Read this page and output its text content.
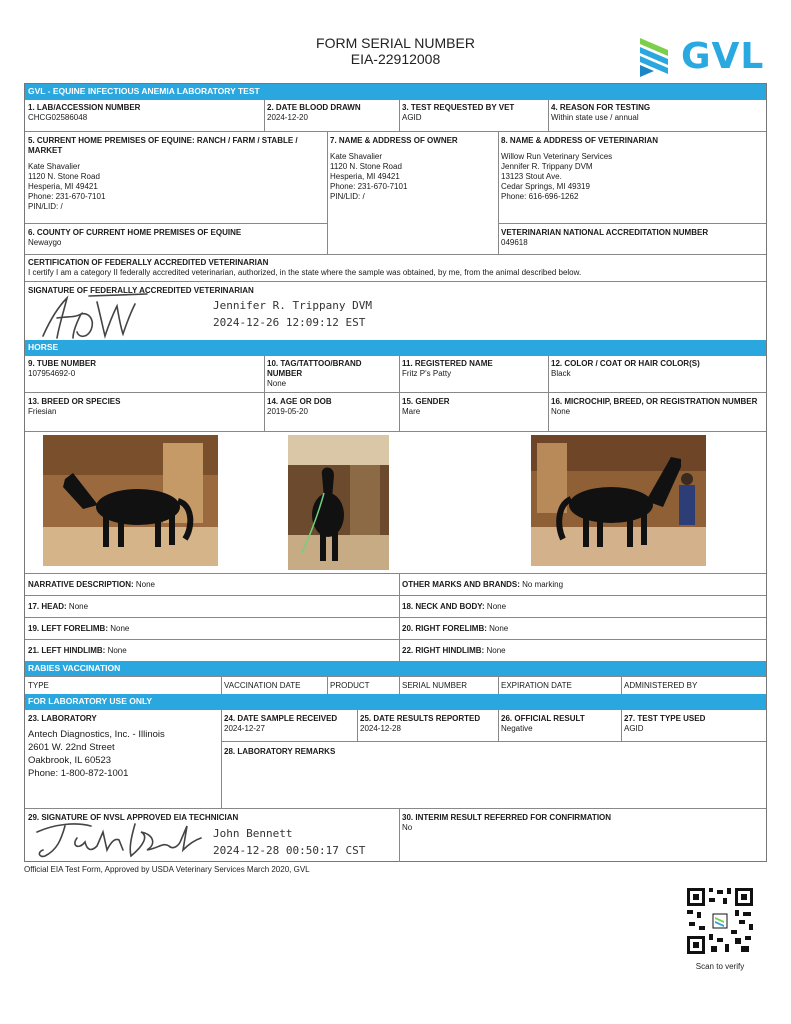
FORM SERIAL NUMBER
EIA-22912008	GVL
GVL - EQUINE INFECTIOUS ANEMIA LABORATORY TEST
1. LAB/ACCESSION NUMBER
CHCG02586048
2. DATE BLOOD DRAWN
2024-12-20
3. TEST REQUESTED BY VET
AGID
4. REASON FOR TESTING
Within state use / annual
5. CURRENT HOME PREMISES OF EQUINE: RANCH / FARM / STABLE / MARKET
Kate Shavalier
1120 N. Stone Road
Hesperia, MI 49421
Phone: 231-670-7101
PIN/LID: /
7. NAME & ADDRESS OF OWNER
Kate Shavalier
1120 N. Stone Road
Hesperia, MI 49421
Phone: 231-670-7101
PIN/LID: /
8. NAME & ADDRESS OF VETERINARIAN
Willow Run Veterinary Services
Jennifer R. Trippany DVM
13123 Stout Ave.
Cedar Springs, MI 49319
Phone: 616-696-1262
6. COUNTY OF CURRENT HOME PREMISES OF EQUINE
Newaygo
VETERINARIAN NATIONAL ACCREDITATION NUMBER
049618
CERTIFICATION OF FEDERALLY ACCREDITED VETERINARIAN
I certify I am a category II federally accredited veterinarian, authorized, in the state where the sample was obtained, by me, from the animal described below.
SIGNATURE OF FEDERALLY ACCREDITED VETERINARIAN
Jennifer R. Trippany DVM
2024-12-26 12:09:12 EST
HORSE
9. TUBE NUMBER
107954692-0
10. TAG/TATTOO/BRAND NUMBER
None
11. REGISTERED NAME
Fritz P's Patty
12. COLOR / COAT OR HAIR COLOR(S)
Black
13. BREED OR SPECIES
Friesian
14. AGE OR DOB
2019-05-20
15. GENDER
Mare
16. MICROCHIP, BREED, OR REGISTRATION NUMBER
None
NARRATIVE DESCRIPTION: None	OTHER MARKS AND BRANDS: No marking
17. HEAD: None	18. NECK AND BODY: None
19. LEFT FORELIMB: None	20. RIGHT FORELIMB: None
21. LEFT HINDLIMB: None	22. RIGHT HINDLIMB: None
RABIES VACCINATION
TYPE	VACCINATION DATE	PRODUCT	SERIAL NUMBER	EXPIRATION DATE	ADMINISTERED BY
FOR LABORATORY USE ONLY
23. LABORATORY
Antech Diagnostics, Inc. - Illinois
2601 W. 22nd Street
Oakbrook, IL 60523
Phone: 1-800-872-1001
24. DATE SAMPLE RECEIVED
2024-12-27
25. DATE RESULTS REPORTED
2024-12-28
26. OFFICIAL RESULT
Negative
27. TEST TYPE USED
AGID
28. LABORATORY REMARKS
29. SIGNATURE OF NVSL APPROVED EIA TECHNICIAN
John Bennett
2024-12-28 00:50:17 CST
30. INTERIM RESULT REFERRED FOR CONFIRMATION
No
Official EIA Test Form, Approved by USDA Veterinary Services March 2020, GVL
Scan to verify
